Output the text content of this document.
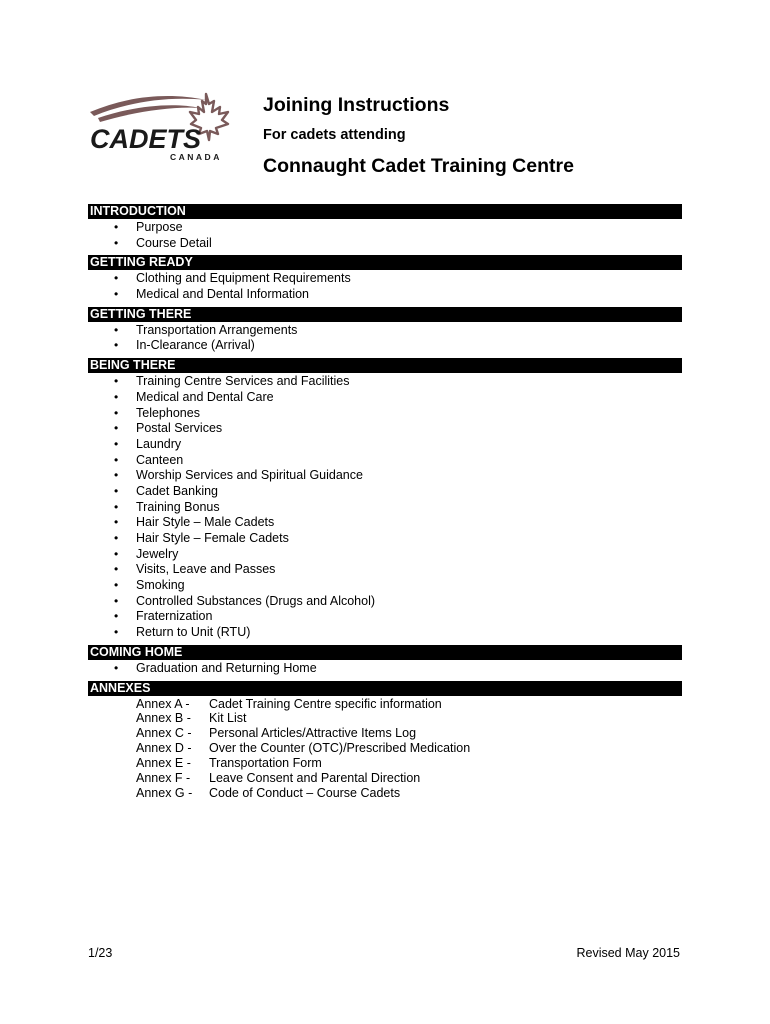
CADETS
CANADA
Joining Instructions

For cadets attending

Connaught Cadet Training Centre
INTRODUCTION
• Purpose
• Course Detail
GETTING READY
• Clothing and Equipment Requirements
• Medical and Dental Information
GETTING THERE
• Transportation Arrangements
• In-Clearance (Arrival)
BEING THERE
• Training Centre Services and Facilities
• Medical and Dental Care
• Telephones
• Postal Services
• Laundry
• Canteen
• Worship Services and Spiritual Guidance
• Cadet Banking
• Training Bonus
• Hair Style – Male Cadets
• Hair Style – Female Cadets
• Jewelry
• Visits, Leave and Passes
• Smoking
• Controlled Substances (Drugs and Alcohol)
• Fraternization
• Return to Unit (RTU)
COMING HOME
• Graduation and Returning Home
ANNEXES
Annex A -	Cadet Training Centre specific information
Annex B -	Kit List
Annex C -	Personal Articles/Attractive Items Log
Annex D -	Over the Counter (OTC)/Prescribed Medication
Annex E -	Transportation Form
Annex F -	Leave Consent and Parental Direction
Annex G -	Code of Conduct – Course Cadets
1/23	Revised May 2015
